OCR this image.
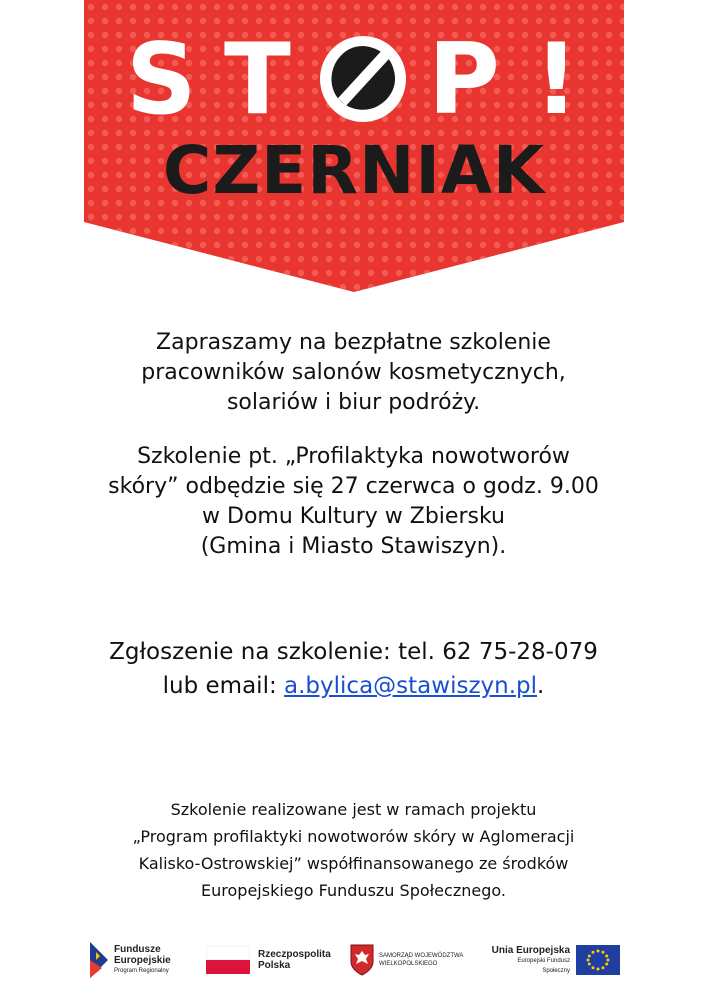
S T P !
CZERNIAK

Zapraszamy na bezpłatne szkolenie

pracowników salonów kosmetycznych,

solariów i biur podróży.

Szkolenie pt. „Profilaktyka nowotworów

skóry” odbędzie się 27 czerwca o godz. 9.00

w Domu Kultury w Zbiersku

(Gmina i Miasto Stawiszyn).

Zgłoszenie na szkolenie: tel. 62 75-28-079

lub email: a.bylica@stawiszyn.pl.

Szkolenie realizowane jest w ramach projektu
„Program profilaktyki nowotworów skóry w Aglomeracji
Kalisko-Ostrowskiej” współfinansowanego ze środków
Europejskiego Funduszu Społecznego.
Fundusze
Europejskie
Program Regionalny
Rzeczpospolita
Polska
SAMORZĄD WOJEWÓDZTWA
WIELKOPOLSKIEGO
Unia Europejska
Europejski Fundusz Społeczny
